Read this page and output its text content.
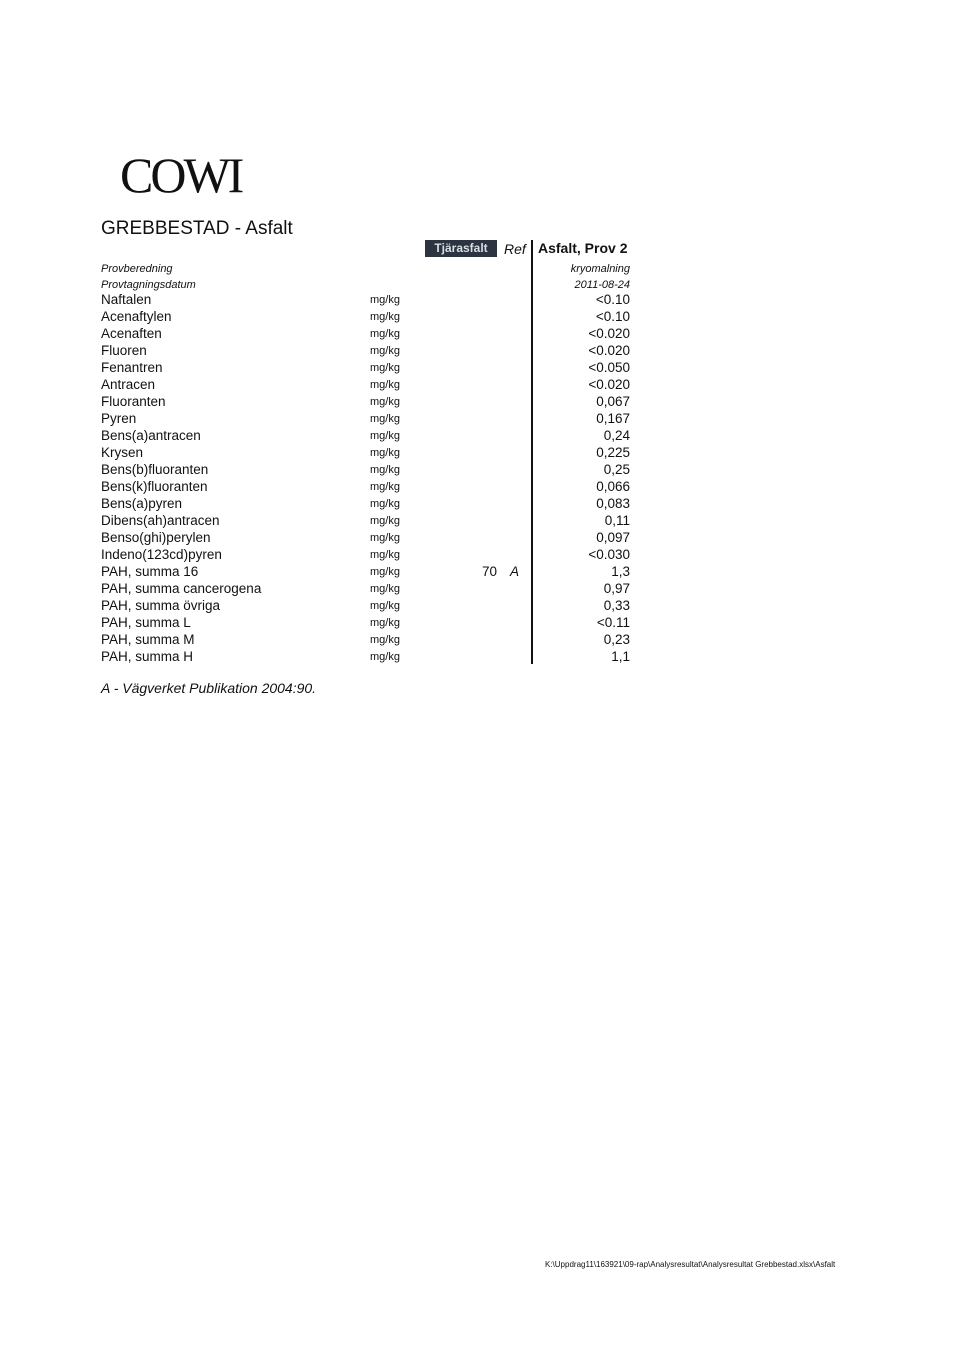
COWI
GREBBESTAD - Asfalt
Tjärasfalt	Ref Asfalt, Prov 2
Provberedning	kryomalning
Provtagningsdatum	2011-08-24
Naftalen	mg/kg	<0.10
Acenaftylen	mg/kg	<0.10
Acenaften	mg/kg	<0.020
Fluoren	mg/kg	<0.020
Fenantren	mg/kg	<0.050
Antracen	mg/kg	<0.020
Fluoranten	mg/kg	0,067
Pyren	mg/kg	0,167
Bens(a)antracen	mg/kg	0,24
Krysen	mg/kg	0,225
Bens(b)fluoranten	mg/kg	0,25
Bens(k)fluoranten	mg/kg	0,066
Bens(a)pyren	mg/kg	0,083
Dibens(ah)antracen	mg/kg	0,11
Benso(ghi)perylen	mg/kg	0,097
Indeno(123cd)pyren	mg/kg	<0.030
PAH, summa 16	mg/kg	70 A	1,3
PAH, summa cancerogena	mg/kg	0,97
PAH, summa övriga	mg/kg	0,33
PAH, summa L	mg/kg	<0.11
PAH, summa M	mg/kg	0,23
PAH, summa H	mg/kg	1,1
A - Vägverket Publikation 2004:90.
K:\Uppdrag11\163921\09-rap\Analysresultat\Analysresultat Grebbestad.xlsx\Asfalt
